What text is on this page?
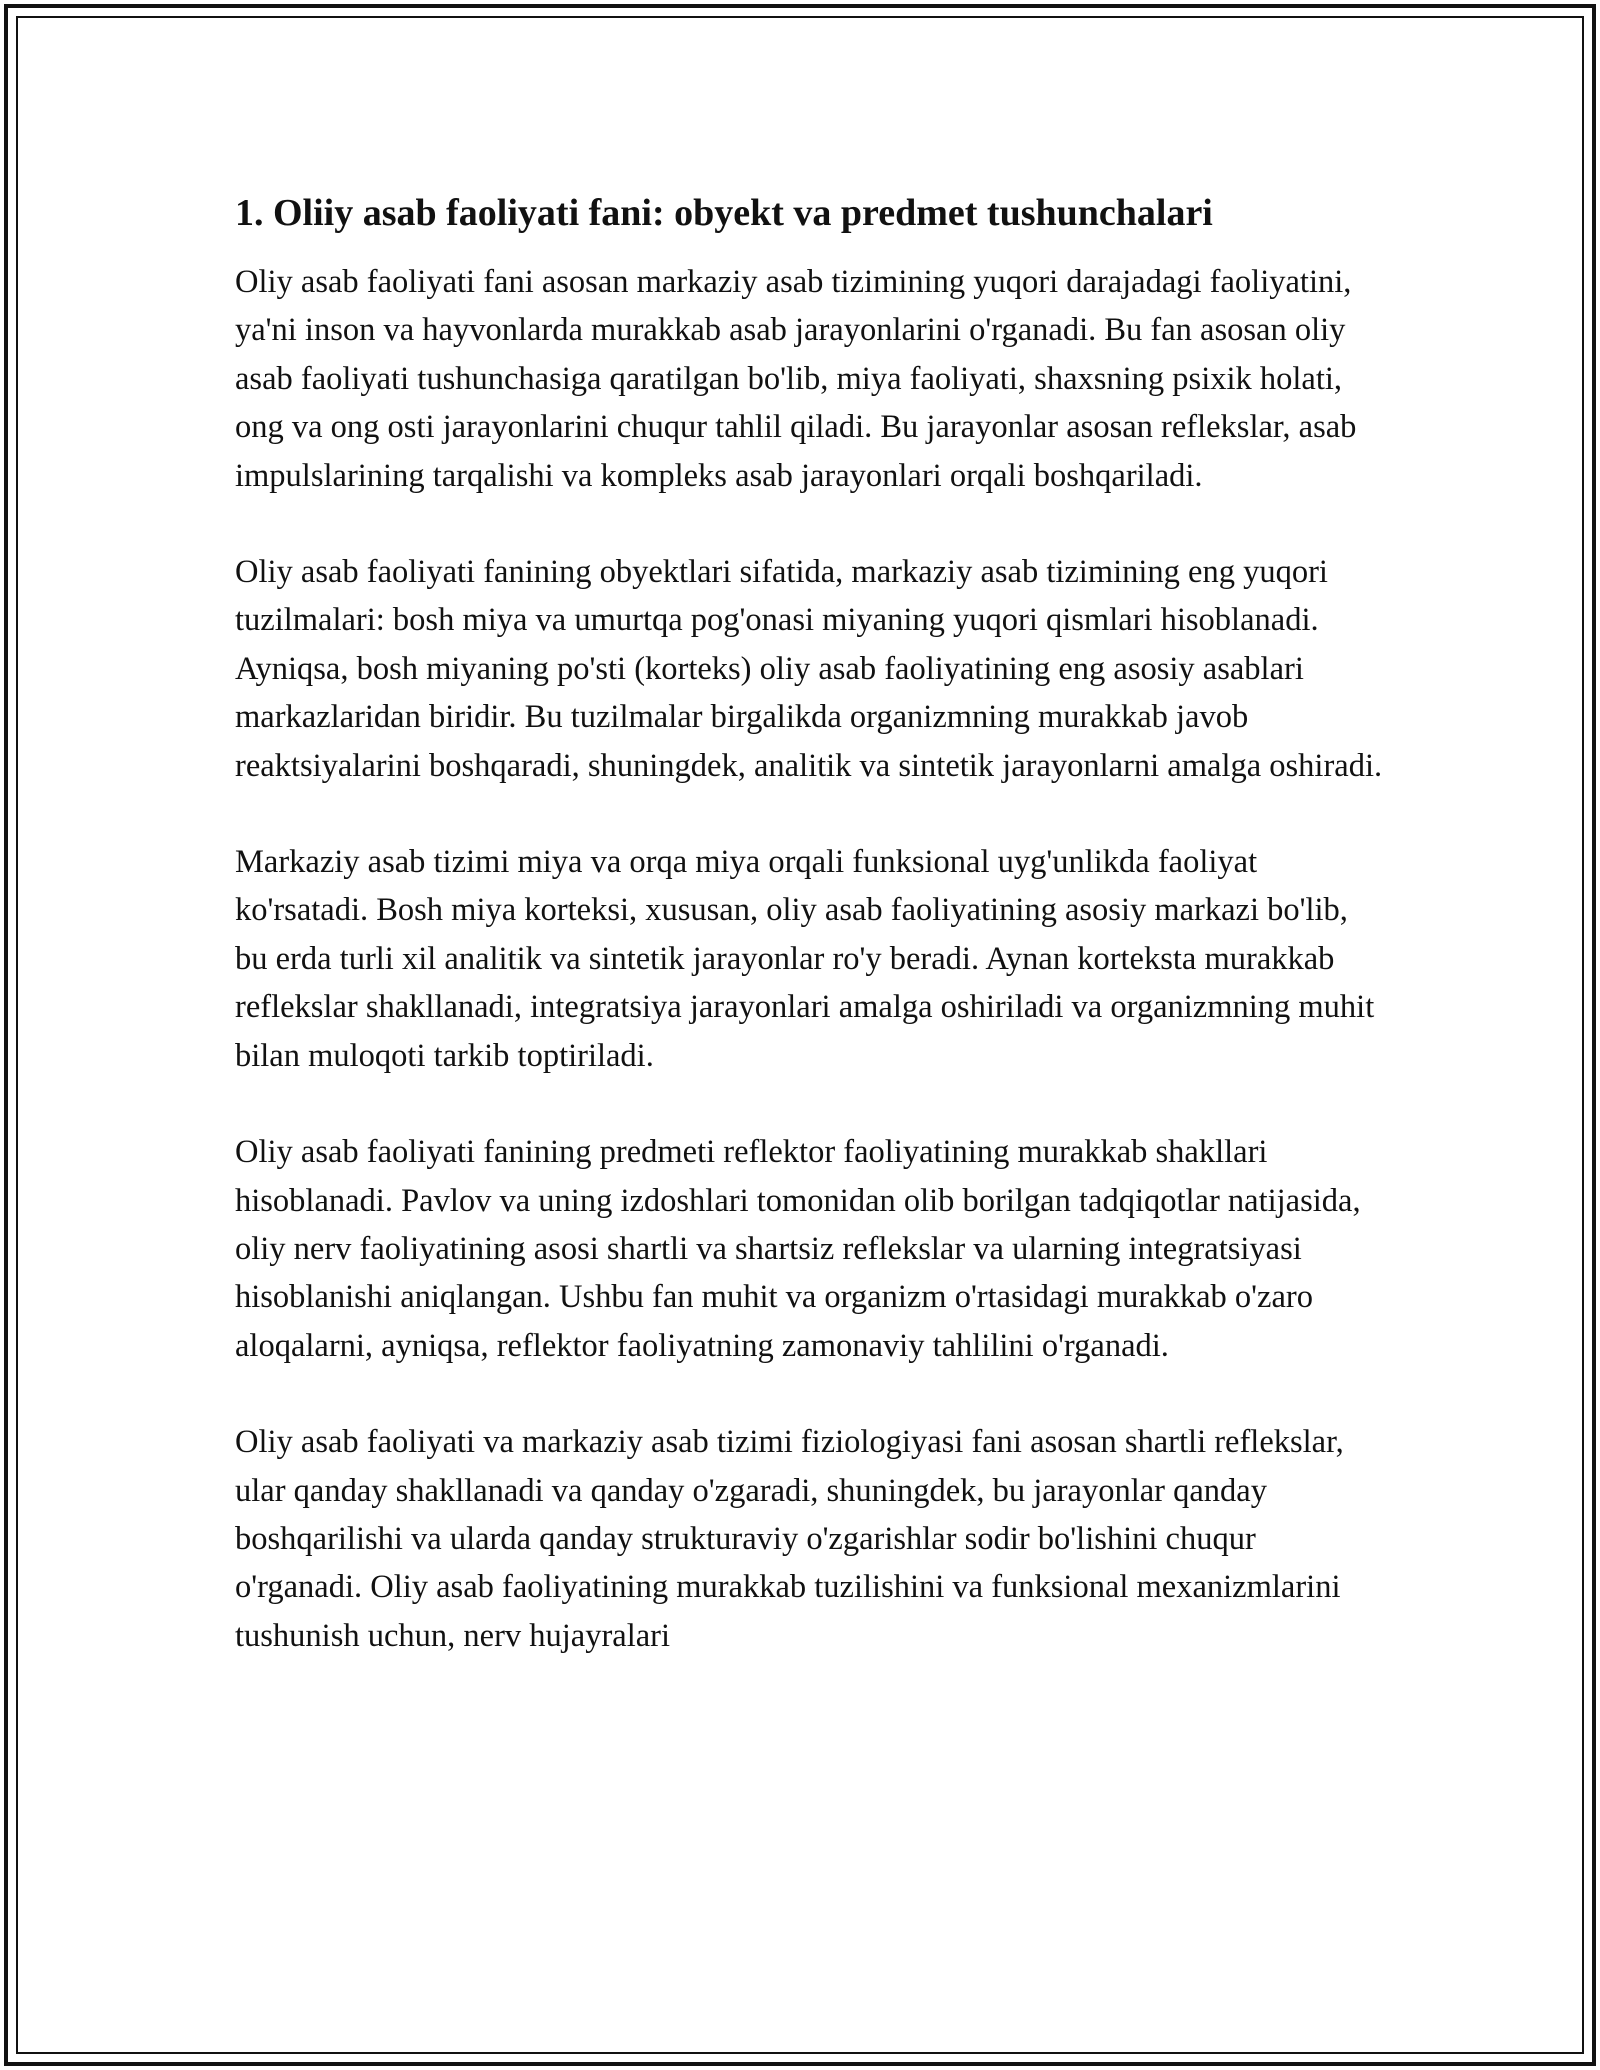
1. Oliiy asab faoliyati fani: obyekt va predmet tushunchalari

Oliy asab faoliyati fani asosan markaziy asab tizimining yuqori darajadagi faoliyatini, ya'ni inson va hayvonlarda murakkab asab jarayonlarini o'rganadi. Bu fan asosan oliy asab faoliyati tushunchasiga qaratilgan bo'lib, miya faoliyati, shaxsning psixik holati, ong va ong osti jarayonlarini chuqur tahlil qiladi. Bu jarayonlar asosan reflekslar, asab impulslarining tarqalishi va kompleks asab jarayonlari orqali boshqariladi.

Oliy asab faoliyati fanining obyektlari sifatida, markaziy asab tizimining eng yuqori tuzilmalari: bosh miya va umurtqa pog'onasi miyaning yuqori qismlari hisoblanadi. Ayniqsa, bosh miyaning po'sti (korteks) oliy asab faoliyatining eng asosiy asablari markazlaridan biridir. Bu tuzilmalar birgalikda organizmning murakkab javob reaktsiyalarini boshqaradi, shuningdek, analitik va sintetik jarayonlarni amalga oshiradi.

Markaziy asab tizimi miya va orqa miya orqali funksional uyg'unlikda faoliyat ko'rsatadi. Bosh miya korteksi, xususan, oliy asab faoliyatining asosiy markazi bo'lib, bu erda turli xil analitik va sintetik jarayonlar ro'y beradi. Aynan korteksta murakkab reflekslar shakllanadi, integratsiya jarayonlari amalga oshiriladi va organizmning muhit bilan muloqoti tarkib toptiriladi.

Oliy asab faoliyati fanining predmeti reflektor faoliyatining murakkab shakllari hisoblanadi. Pavlov va uning izdoshlari tomonidan olib borilgan tadqiqotlar natijasida, oliy nerv faoliyatining asosi shartli va shartsiz reflekslar va ularning integratsiyasi hisoblanishi aniqlangan. Ushbu fan muhit va organizm o'rtasidagi murakkab o'zaro aloqalarni, ayniqsa, reflektor faoliyatning zamonaviy tahlilini o'rganadi.

Oliy asab faoliyati va markaziy asab tizimi fiziologiyasi fani asosan shartli reflekslar, ular qanday shakllanadi va qanday o'zgaradi, shuningdek, bu jarayonlar qanday boshqarilishi va ularda qanday strukturaviy o'zgarishlar sodir bo'lishini chuqur o'rganadi. Oliy asab faoliyatining murakkab tuzilishini va funksional mexanizmlarini tushunish uchun, nerv hujayralari
